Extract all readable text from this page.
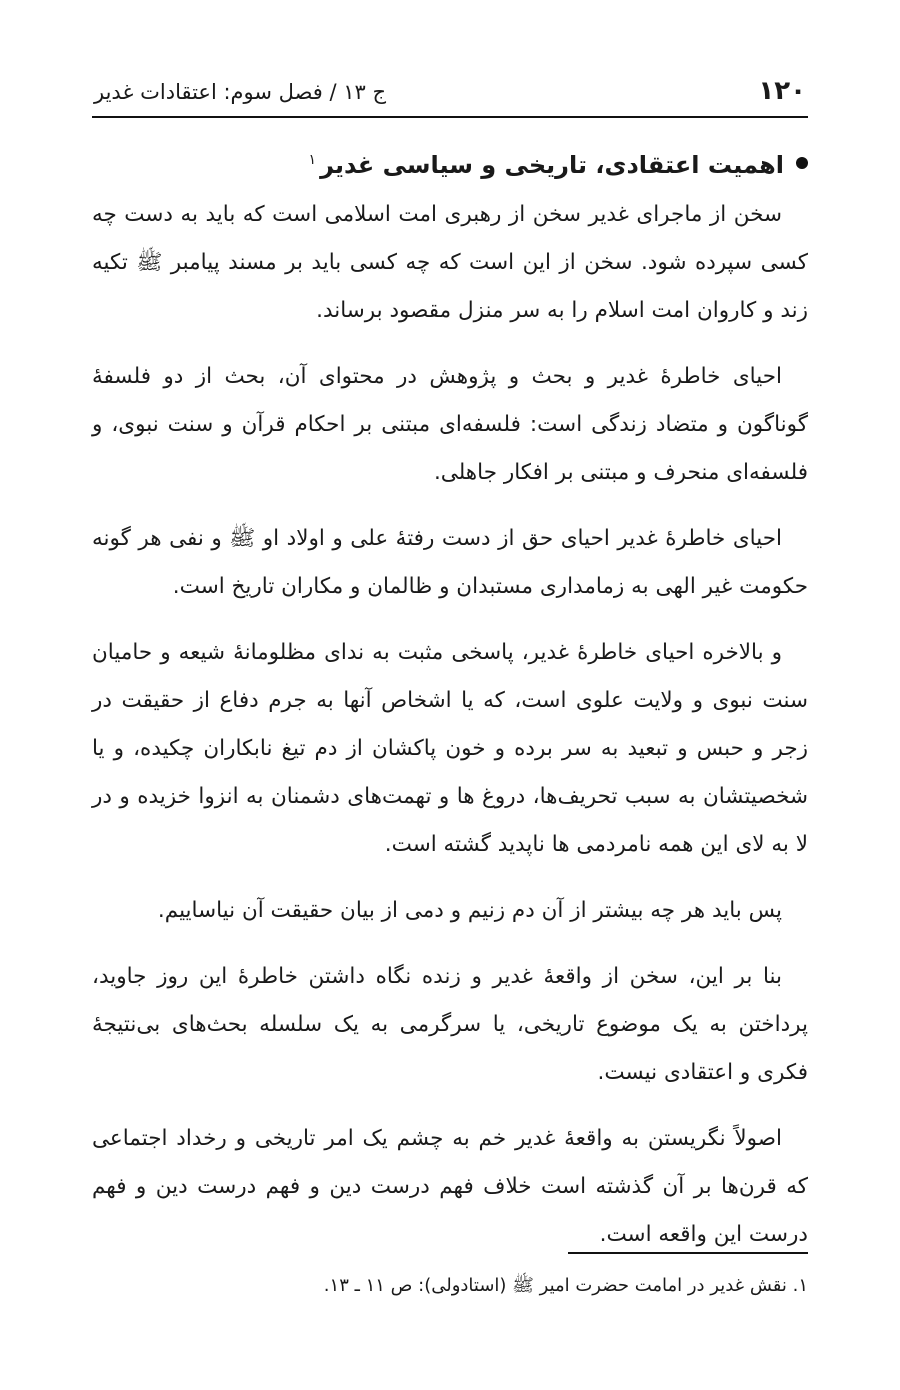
١٢٠
ج ١٣ / فصل سوم: اعتقادات غدیر
اهمیت اعتقادی، تاریخی و سیاسی غدیر$^١$

سخن از ماجرای غدیر سخن از رهبری امت اسلامی است که باید به دست چه کسی سپرده شود. سخن از این است که چه کسی باید بر مسند پیامبر ﷺ تکیه زند و کاروان امت اسلام را به سر منزل مقصود برساند.

احیای خاطرهٔ غدیر و بحث و پژوهش در محتوای آن، بحث از دو فلسفهٔ گوناگون و متضاد زندگی است: فلسفه‌ای مبتنی بر احکام قرآن و سنت نبوی، و فلسفه‌ای منحرف و مبتنی بر افکار جاهلی.

احیای خاطرهٔ غدیر احیای حق از دست رفتهٔ علی و اولاد او ﷺ و نفی هر گونه حکومت غیر الهی به زمامداری مستبدان و ظالمان و مکاران تاریخ است.

و بالاخره احیای خاطرهٔ غدیر، پاسخی مثبت به ندای مظلومانهٔ شیعه و حامیان سنت نبوی و ولایت علوی است، که یا اشخاص آنها به جرم دفاع از حقیقت در زجر و حبس و تبعید به سر برده و خون پاکشان از دم تیغ نابکاران چکیده، و یا شخصیتشان به سبب تحریف‌ها، دروغ ها و تهمت‌های دشمنان به انزوا خزیده و در لا به لای این همه نامردمی ها ناپدید گشته است.

پس باید هر چه بیشتر از آن دم زنیم و دمی از بیان حقیقت آن نیاساییم.

بنا بر این، سخن از واقعهٔ غدیر و زنده نگاه داشتن خاطرهٔ این روز جاوید، پرداختن به یک موضوع تاریخی، یا سرگرمی به یک سلسله بحث‌های بی‌نتیجهٔ فکری و اعتقادی نیست.

اصولاً نگریستن به واقعهٔ غدیر خم به چشم یک امر تاریخی و رخداد اجتماعی که قرن‌ها بر آن گذشته است خلاف فهم درست دین و فهم درست دین و فهم درست این واقعه است.

١. نقش غدیر در امامت حضرت امیر ﷺ (استادولی): ص ١١ ـ ١٣.
